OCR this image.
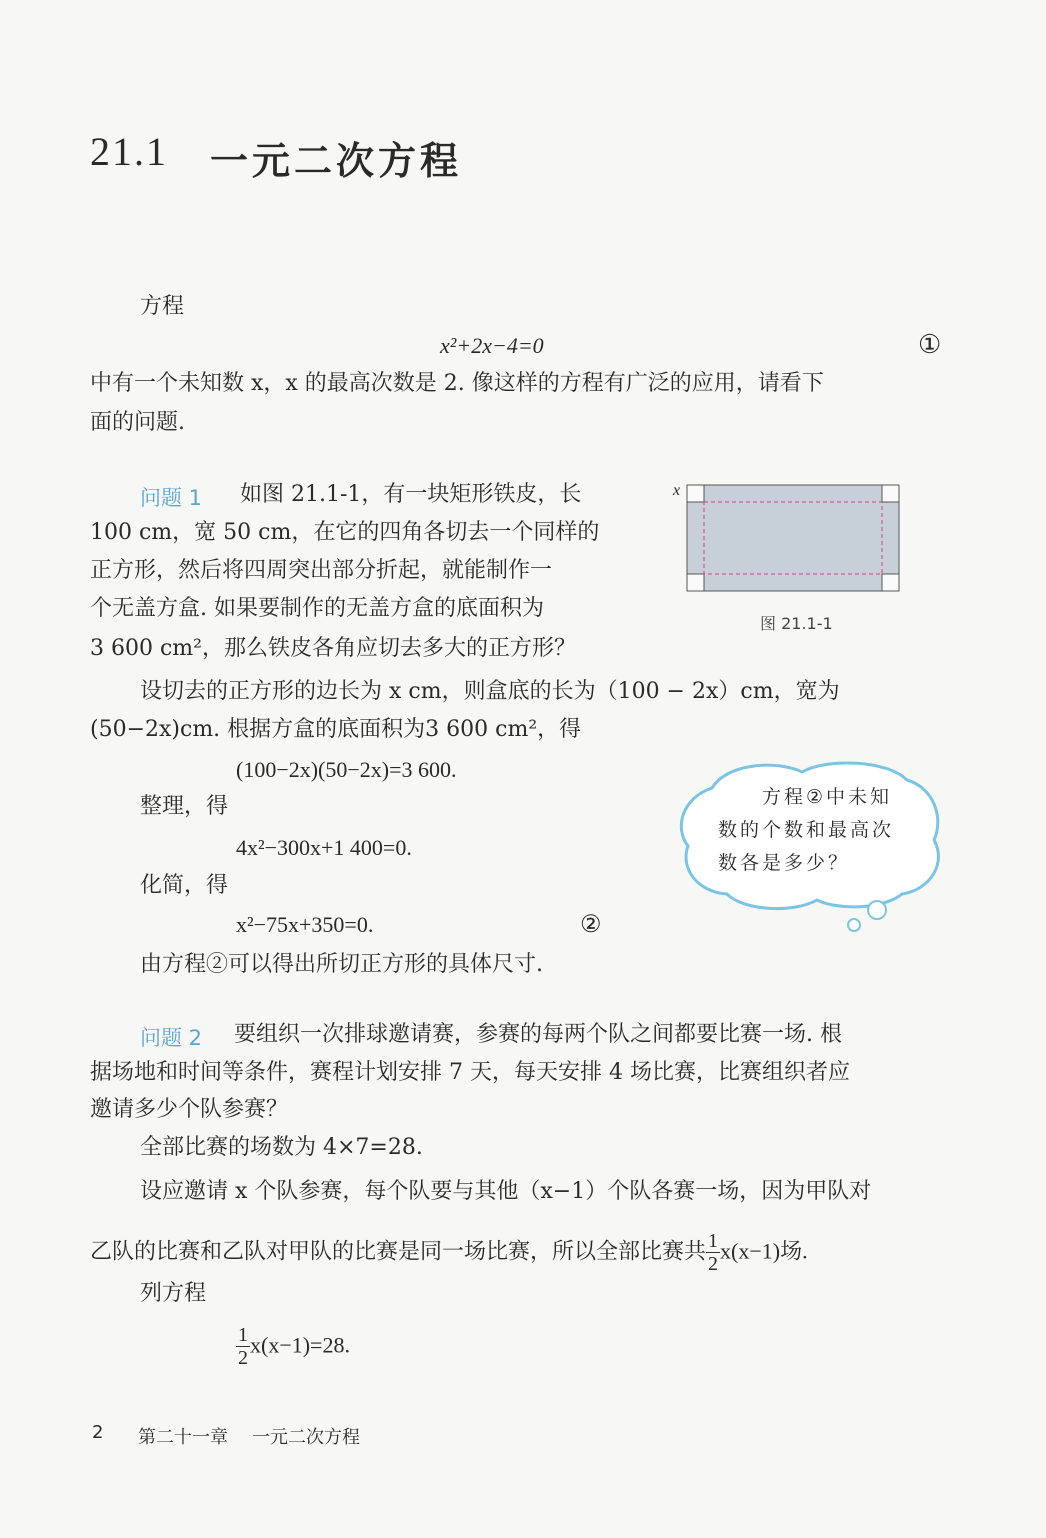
21.1 一元二次方程
方程
x²+2x−4=0	①
中有一个未知数 x，x 的最高次数是 2. 像这样的方程有广泛的应用，请看下
面的问题.
问题 1 如图 21.1-1，有一块矩形铁皮，长
100 cm，宽 50 cm，在它的四角各切去一个同样的
正方形，然后将四周突出部分折起，就能制作一
个无盖方盒. 如果要制作的无盖方盒的底面积为
3 600 cm²，那么铁皮各角应切去多大的正方形？
x
图 21.1-1
设切去的正方形的边长为 x cm，则盒底的长为（100 − 2x）cm，宽为
(50−2x)cm. 根据方盒的底面积为3 600 cm²，得
(100−2x)(50−2x)=3 600.
整理，得
4x²−300x+1 400=0.
化简，得
x²−75x+350=0.	②
由方程②可以得出所切正方形的具体尺寸.
方程②中未知
数的个数和最高次
数各是多少？
问题 2 要组织一次排球邀请赛，参赛的每两个队之间都要比赛一场. 根
据场地和时间等条件，赛程计划安排 7 天，每天安排 4 场比赛，比赛组织者应
邀请多少个队参赛？
全部比赛的场数为 4×7=28.
设应邀请 x 个队参赛，每个队要与其他（x−1）个队各赛一场，因为甲队对
乙队的比赛和乙队对甲队的比赛是同一场比赛，所以全部比赛共 $\frac{1}{2} x(x-1)$场.
列方程
$\frac{1}{2} x(x-1)=28$.
2 第二十一章 一元二次方程
